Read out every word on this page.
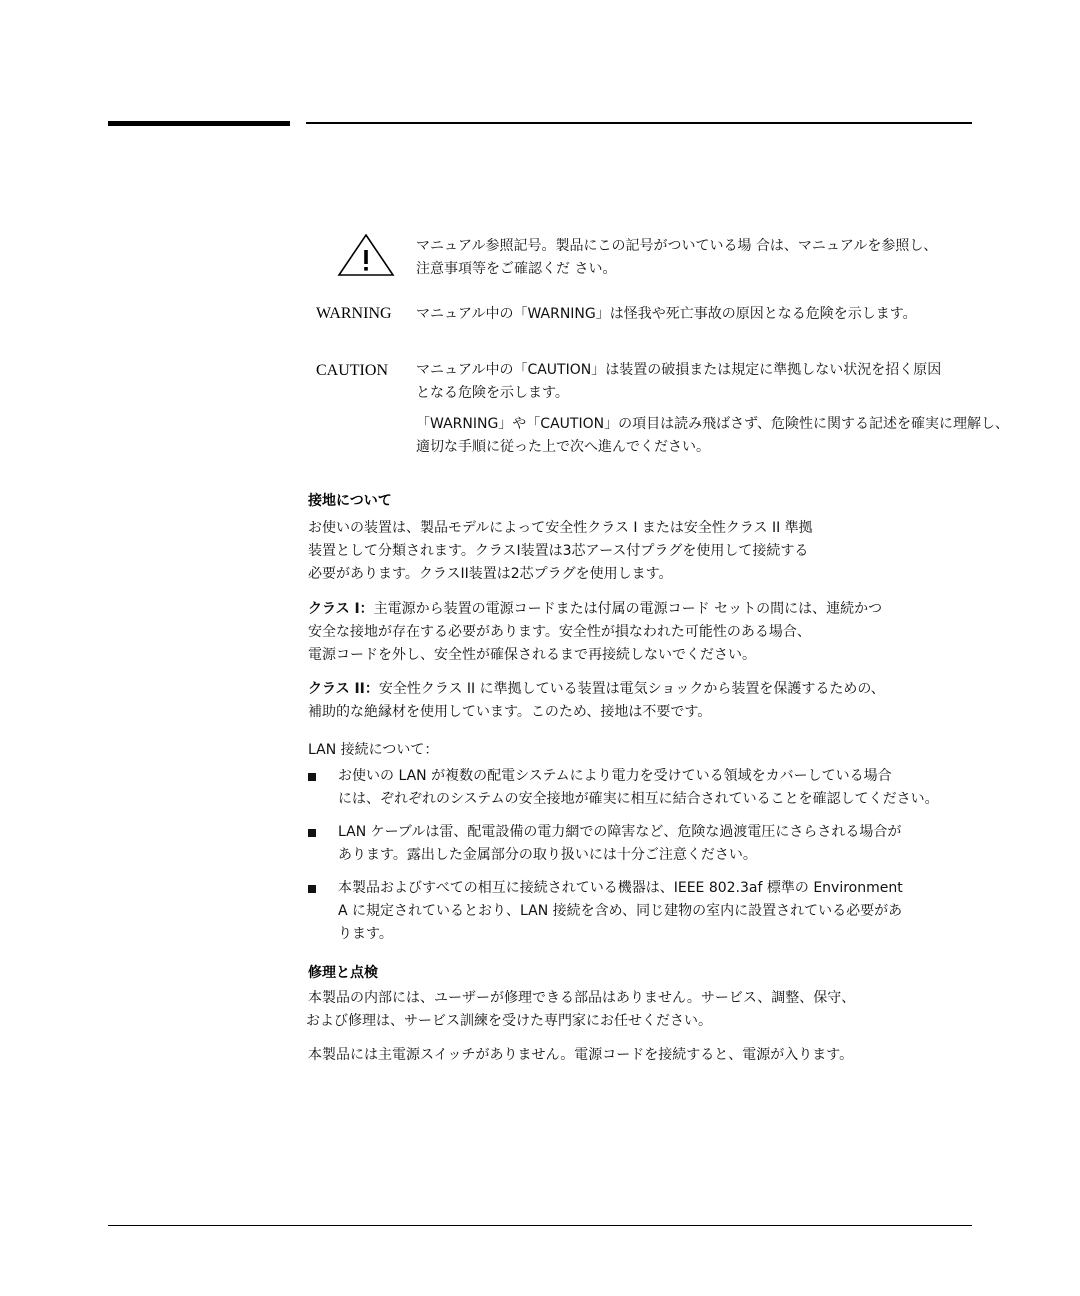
マニュアル参照記号。製品にこの記号がついている場 合は、マニュアルを参照し、
注意事項等をご確認くだ さい。
WARNING マニュアル中の「WARNING」は怪我や死亡事故の原因となる危険を示します。
CAUTION マニュアル中の「CAUTION」は装置の破損または規定に準拠しない状況を招く原因
となる危険を示します。
「WARNING」や「CAUTION」の項目は読み飛ばさず、危険性に関する記述を確実に理解し、
適切な手順に従った上で次へ進んでください。
接地について
お使いの装置は、製品モデルによって安全性クラス I または安全性クラス II 準拠
装置として分類されます。クラスI装置は3芯アース付プラグを使用して接続する
必要があります。クラスII装置は2芯プラグを使用します。
クラス I：主電源から装置の電源コードまたは付属の電源コード セットの間には、連続かつ
安全な接地が存在する必要があります。安全性が損なわれた可能性のある場合、
電源コードを外し、安全性が確保されるまで再接続しないでください。
クラス II：安全性クラス II に準拠している装置は電気ショックから装置を保護するための、
補助的な絶縁材を使用しています。このため、接地は不要です。
LAN 接続について：
お使いの LAN が複数の配電システムにより電力を受けている領域をカバーしている場合
には、ぞれぞれのシステムの安全接地が確実に相互に結合されていることを確認してください。
LAN ケーブルは雷、配電設備の電力網での障害など、危険な過渡電圧にさらされる場合が
あります。露出した金属部分の取り扱いには十分ご注意ください。
本製品およびすべての相互に接続されている機器は、IEEE 802.3af 標準の Environment
A に規定されているとおり、LAN 接続を含め、同じ建物の室内に設置されている必要があ
ります。
修理と点検
本製品の内部には、ユーザーが修理できる部品はありません。サービス、調整、保守、
および修理は、サービス訓練を受けた専門家にお任せください。
本製品には主電源スイッチがありません。電源コードを接続すると、電源が入ります。
